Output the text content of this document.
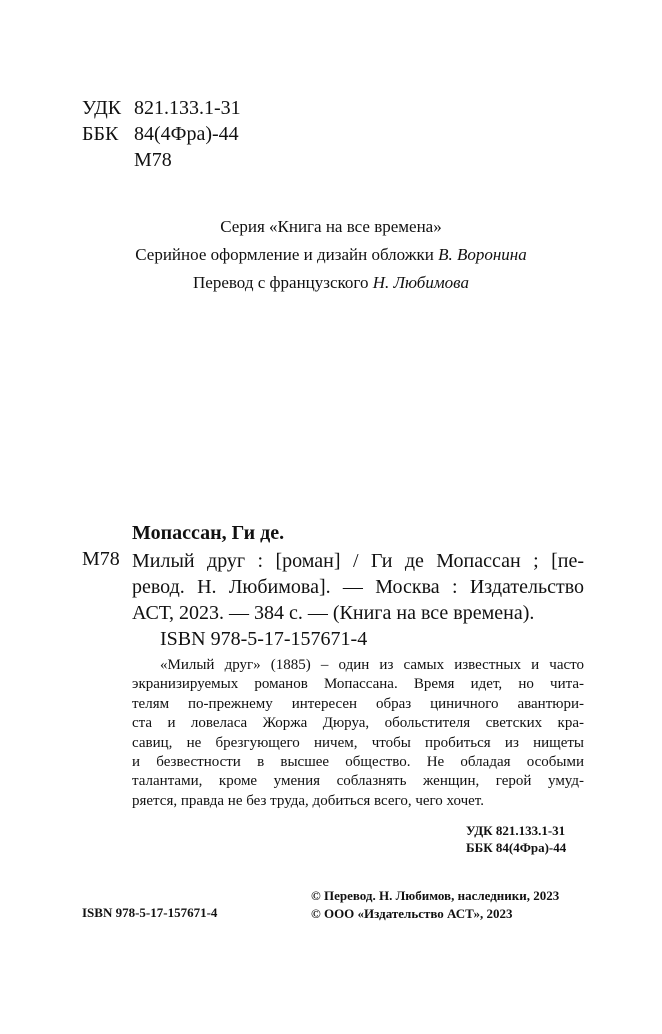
УДК 821.133.1-31
ББК 84(4Фра)-44
М78
Серия «Книга на все времена»
Серийное оформление и дизайн обложки В. Воронина
Перевод с французского Н. Любимова
Мопассан, Ги де.
М78 Милый друг : [роман] / Ги де Мопассан ; [пе-
ревод. Н. Любимова]. — Москва : Издательство
АСТ, 2023. — 384 с. — (Книга на все времена).
ISBN 978-5-17-157671-4
«Милый друг» (1885) – один из самых известных и часто
экранизируемых романов Мопассана. Время идет, но чита-
телям по-прежнему интересен образ циничного авантюри-
ста и ловеласа Жоржа Дюруа, обольстителя светских кра-
савиц, не брезгующего ничем, чтобы пробиться из нищеты
и безвестности в высшее общество. Не обладая особыми
талантами, кроме умения соблазнять женщин, герой умуд-
ряется, правда не без труда, добиться всего, чего хочет.
УДК 821.133.1-31
ББК 84(4Фра)-44
© Перевод. Н. Любимов, наследники, 2023
© ООО «Издательство АСТ», 2023
ISBN 978-5-17-157671-4
